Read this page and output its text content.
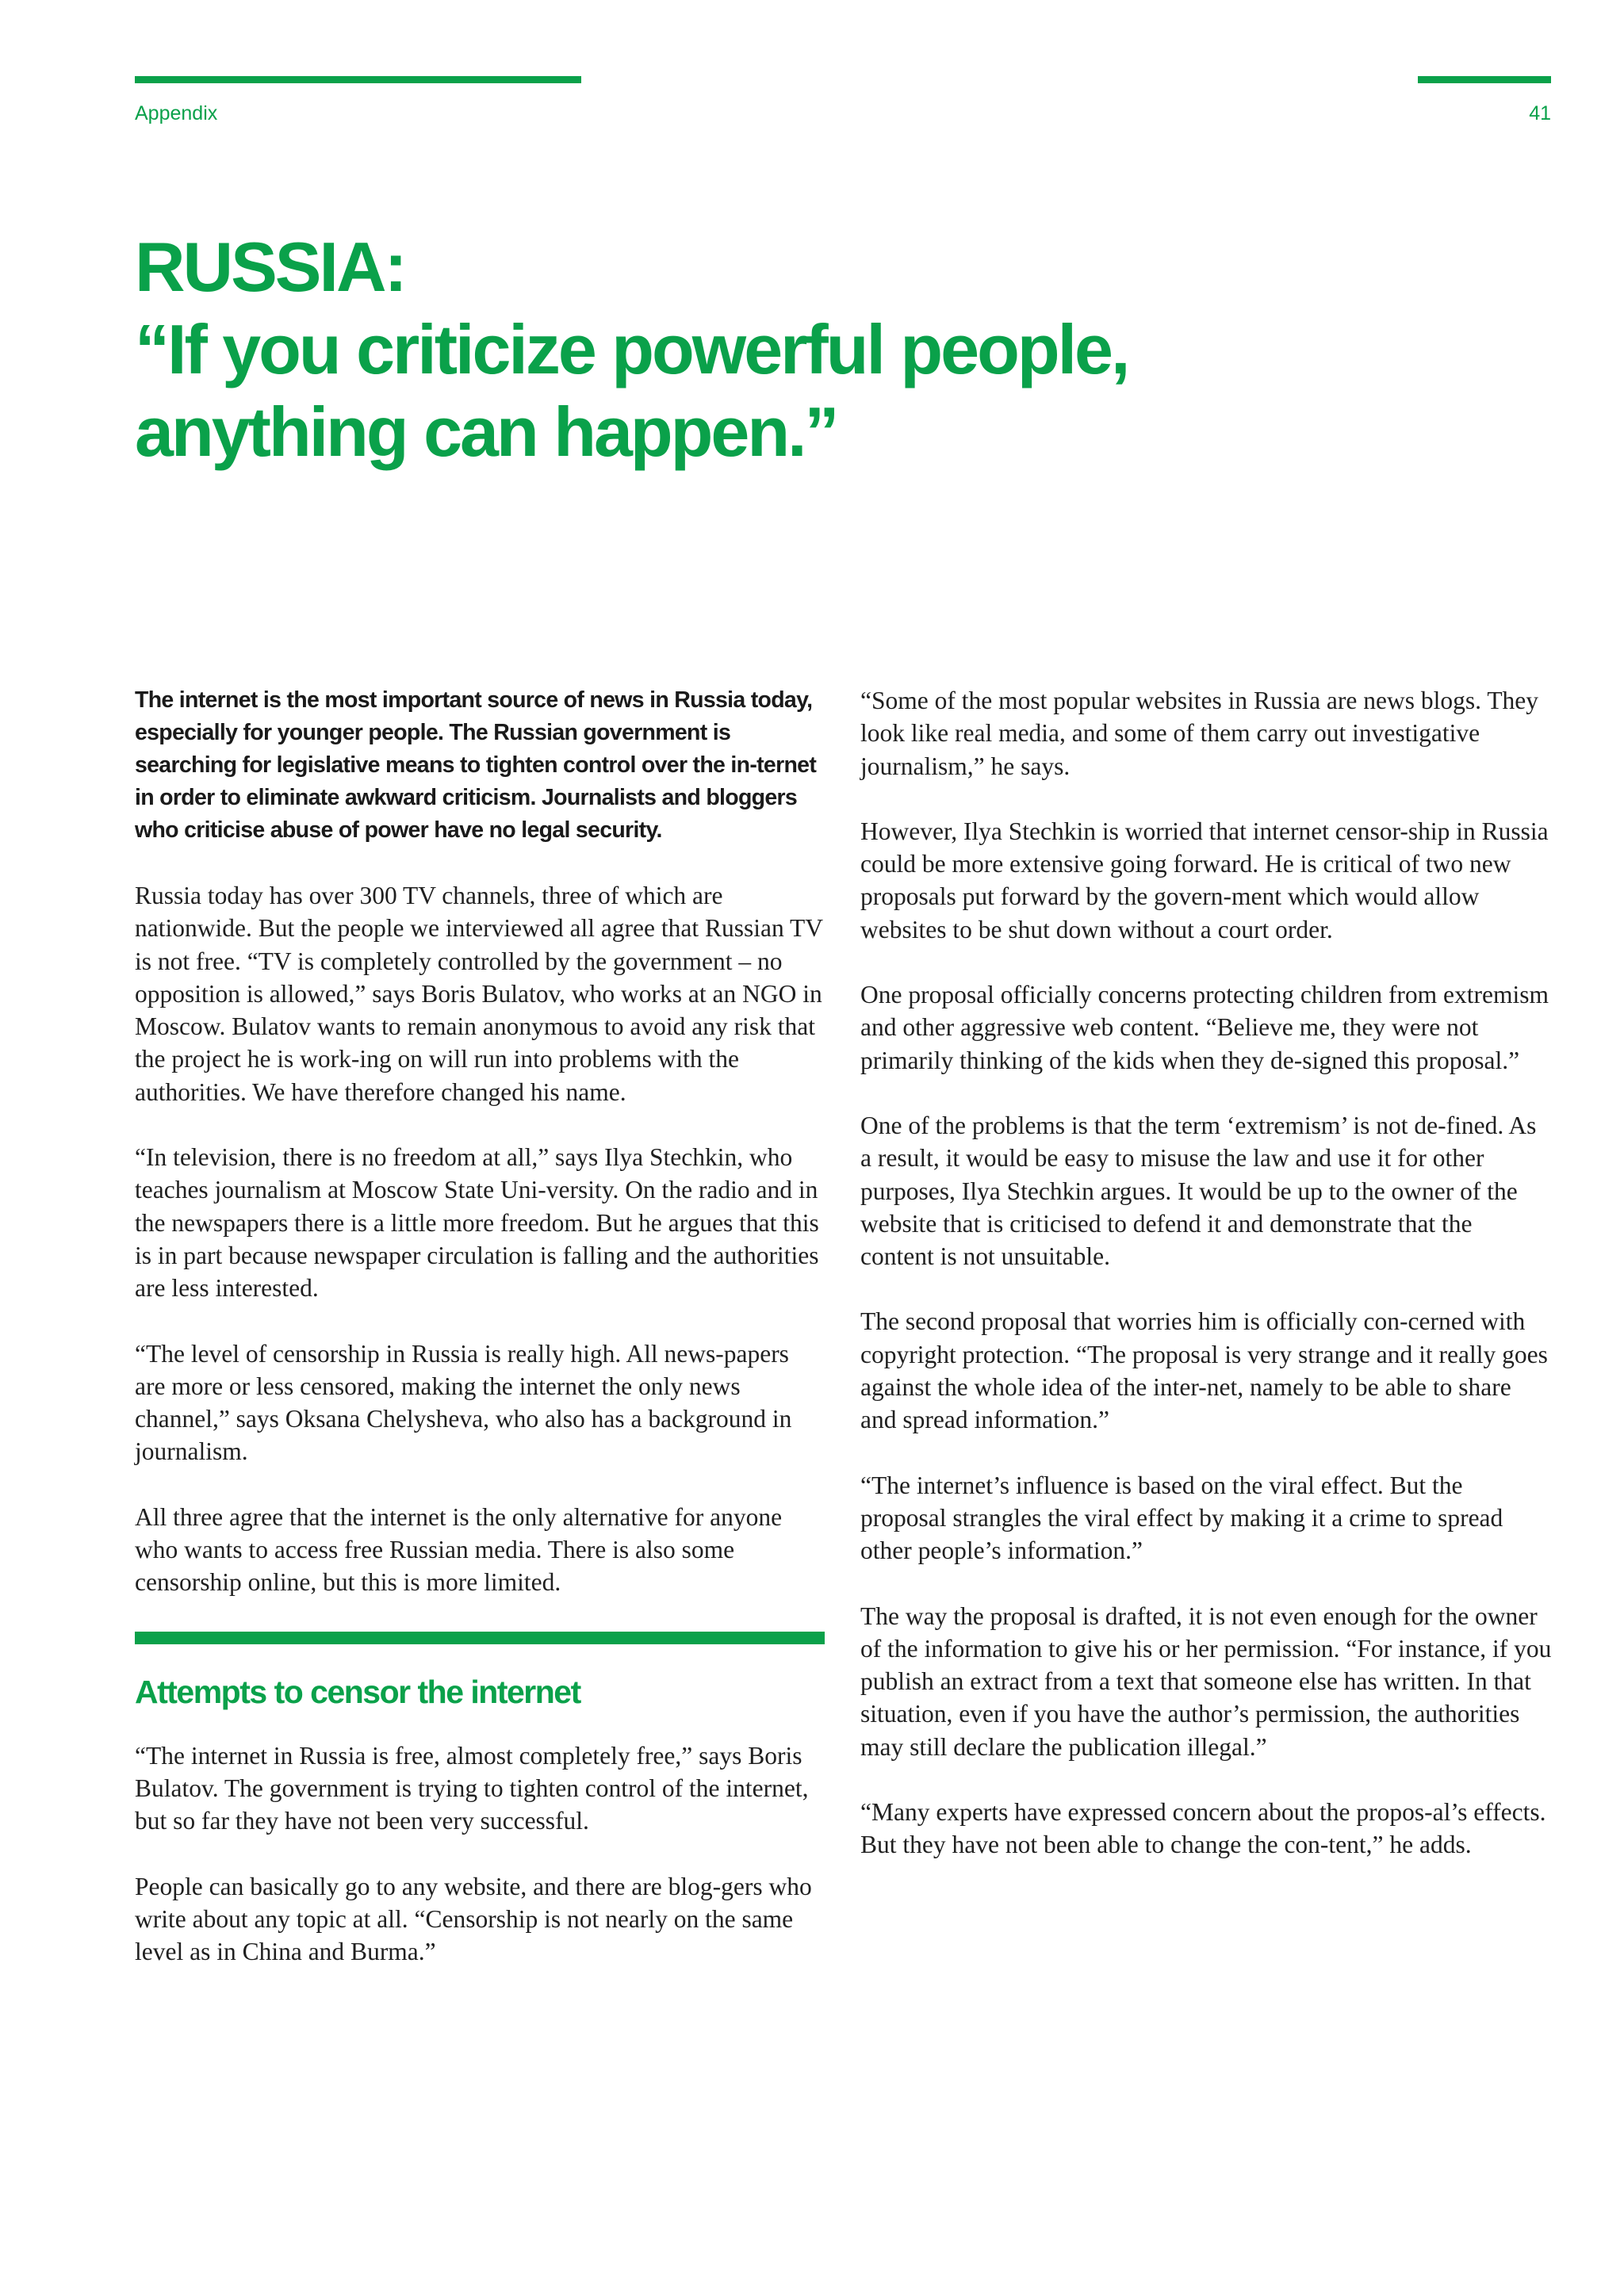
Appendix	41
RUSSIA:
“If you criticize powerful people,
anything can happen.”

The internet is the most important source of news in Russia today, especially for younger people. The Russian government is searching for legislative means to tighten control over the in-ternet in order to eliminate awkward criticism. Journalists and bloggers who criticise abuse of power have no legal security.

Russia today has over 300 TV channels, three of which are nationwide. But the people we interviewed all agree that Russian TV is not free. “TV is completely controlled by the government – no opposition is allowed,” says Boris Bulatov, who works at an NGO in Moscow. Bulatov wants to remain anonymous to avoid any risk that the project he is work-ing on will run into problems with the authorities. We have therefore changed his name.

“In television, there is no freedom at all,” says Ilya Stechkin, who teaches journalism at Moscow State Uni-versity. On the radio and in the newspapers there is a little more freedom. But he argues that this is in part because newspaper circulation is falling and the authorities are less interested.

“The level of censorship in Russia is really high. All news-papers are more or less censored, making the internet the only news channel,” says Oksana Chelysheva, who also has a background in journalism.

All three agree that the internet is the only alternative for anyone who wants to access free Russian media. There is also some censorship online, but this is more limited.

Attempts to censor the internet

“The internet in Russia is free, almost completely free,” says Boris Bulatov. The government is trying to tighten control of the internet, but so far they have not been very successful.

People can basically go to any website, and there are blog-gers who write about any topic at all. “Censorship is not nearly on the same level as in China and Burma.”

“Some of the most popular websites in Russia are news blogs. They look like real media, and some of them carry out investigative journalism,” he says.

However, Ilya Stechkin is worried that internet censor-ship in Russia could be more extensive going forward. He is critical of two new proposals put forward by the govern-ment which would allow websites to be shut down without a court order.

One proposal officially concerns protecting children from extremism and other aggressive web content. “Believe me, they were not primarily thinking of the kids when they de-signed this proposal.”

One of the problems is that the term ‘extremism’ is not de-fined. As a result, it would be easy to misuse the law and use it for other purposes, Ilya Stechkin argues. It would be up to the owner of the website that is criticised to defend it and demonstrate that the content is not unsuitable.

The second proposal that worries him is officially con-cerned with copyright protection. “The proposal is very strange and it really goes against the whole idea of the inter-net, namely to be able to share and spread information.”

“The internet’s influence is based on the viral effect. But the proposal strangles the viral effect by making it a crime to spread other people’s information.”

The way the proposal is drafted, it is not even enough for the owner of the information to give his or her permission. “For instance, if you publish an extract from a text that someone else has written. In that situation, even if you have the author’s permission, the authorities may still declare the publication illegal.”

“Many experts have expressed concern about the propos-al’s effects. But they have not been able to change the con-tent,” he adds.
